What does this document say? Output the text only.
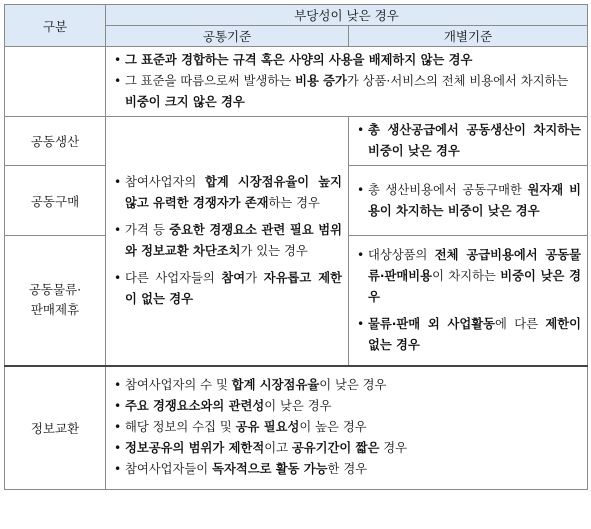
구분	부당성이 낮은 경우	
	공통기준	개별기준

	• 그 표준과 경합하는 규격 혹은 사양의 사용을 배제하지 않는 경우
• 그 표준을 따름으로써 발생하는 비용 증가가 상품·서비스의 전체 비용에서 차지하는 비중이 크지 않은 경우

공동생산	• 참여사업자의 합계 시장점유율이 높지 않고 유력한 경쟁자가 존재하는 경우
• 가격 등 중요한 경쟁요소 관련 필요 범위와 정보교환 차단조치가 있는 경우
• 다른 사업자들의 참여가 자유롭고 제한이 없는 경우	• 총 생산공급에서 공동생산이 차지하는 비중이 낮은 경우

공동구매		• 총 생산비용에서 공동구매한 원자재 비용이 차지하는 비중이 낮은 경우

공동물류· 판매제휴		• 대상상품의 전체 공급비용에서 공동물류·판매비용이 차지하는 비중이 낮은 경우
• 물류·판매 외 사업활동에 다른 제한이 없는 경우

정보교환	• 참여사업자의 수 및 합계 시장점유율이 낮은 경우
• 주요 경쟁요소와의 관련성이 낮은 경우
• 해당 정보의 수집 및 공유 필요성이 높은 경우
• 정보공유의 범위가 제한적이고 공유기간이 짧은 경우
• 참여사업자들이 독자적으로 활동 가능한 경우
